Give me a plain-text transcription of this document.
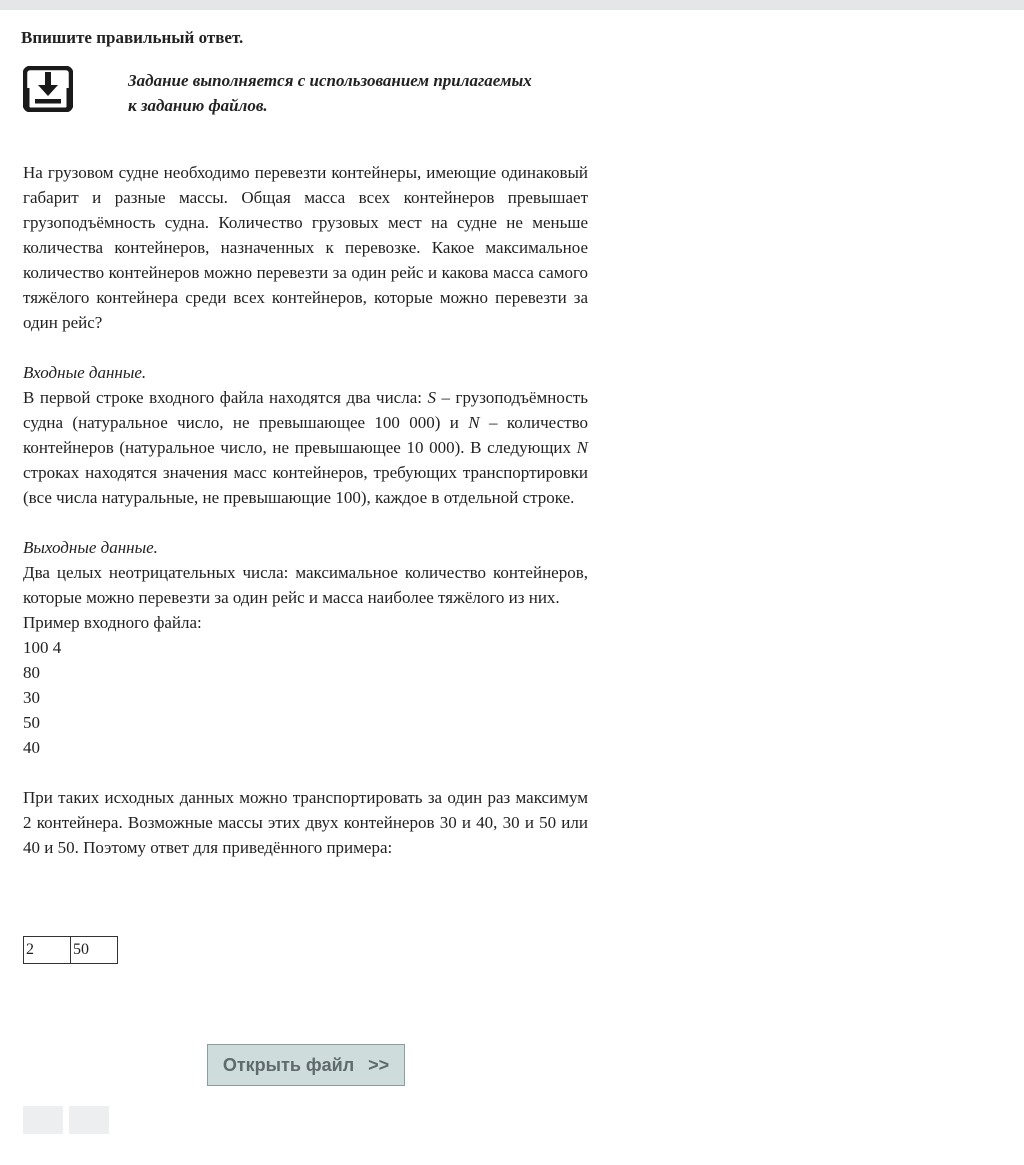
Впишите правильный ответ.
Задание выполняется с использованием прилагаемых
к заданию файлов.

На грузовом судне необходимо перевезти контейнеры, имеющие одинаковый габарит и разные массы. Общая масса всех контейнеров превышает грузоподъёмность судна. Количество грузовых мест на судне не меньше количества контейнеров, назначенных к перевозке. Какое максимальное количество контейнеров можно перевезти за один рейс и какова масса самого тяжёлого контейнера среди всех контейнеров, которые можно перевезти за один рейс?

Входные данные.

В первой строке входного файла находятся два числа: S – грузоподъёмность судна (натуральное число, не превышающее 100 000) и N – количество контейнеров (натуральное число, не превышающее 10 000). В следующих N строках находятся значения масс контейнеров, требующих транспортировки (все числа натуральные, не превышающие 100), каждое в отдельной строке.

Выходные данные.

Два целых неотрицательных числа: максимальное количество контейнеров, которые можно перевезти за один рейс и масса наиболее тяжёлого из них.

Пример входного файла:

100 4

80

30

50

40

При таких исходных данных можно транспортировать за один раз максимум 2 контейнера. Возможные массы этих двух контейнеров 30 и 40, 30 и 50 или 40 и 50. Поэтому ответ для приведённого примера:

2	50
Открыть файл >>
